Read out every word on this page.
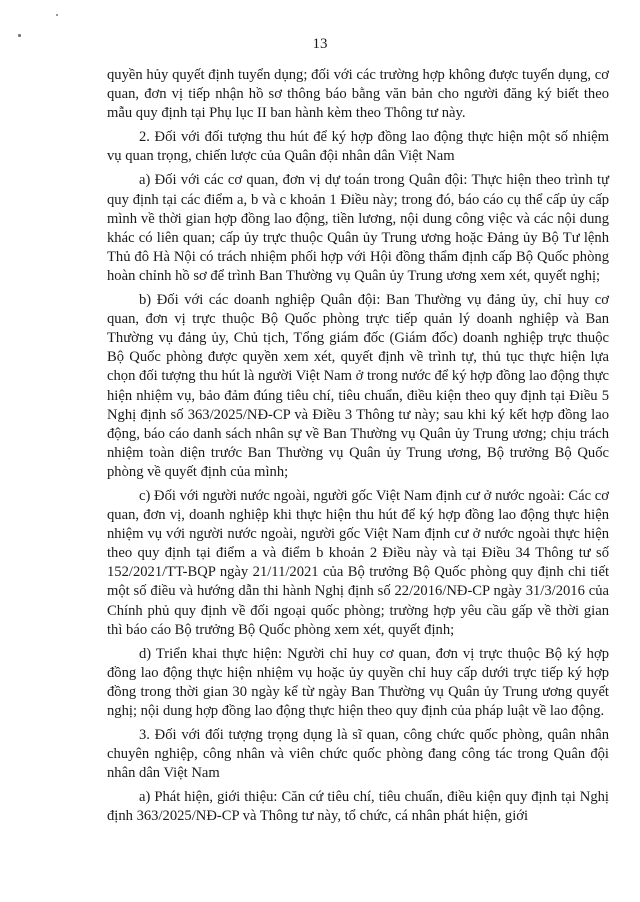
13

quyền hủy quyết định tuyển dụng; đối với các trường hợp không được tuyển dụng, cơ quan, đơn vị tiếp nhận hồ sơ thông báo bằng văn bản cho người đăng ký biết theo mẫu quy định tại Phụ lục II ban hành kèm theo Thông tư này.

2. Đối với đối tượng thu hút để ký hợp đồng lao động thực hiện một số nhiệm vụ quan trọng, chiến lược của Quân đội nhân dân Việt Nam

a) Đối với các cơ quan, đơn vị dự toán trong Quân đội: Thực hiện theo trình tự quy định tại các điểm a, b và c khoản 1 Điều này; trong đó, báo cáo cụ thể cấp ủy cấp mình về thời gian hợp đồng lao động, tiền lương, nội dung công việc và các nội dung khác có liên quan; cấp ủy trực thuộc Quân ủy Trung ương hoặc Đảng ủy Bộ Tư lệnh Thủ đô Hà Nội có trách nhiệm phối hợp với Hội đồng thẩm định cấp Bộ Quốc phòng hoàn chỉnh hồ sơ để trình Ban Thường vụ Quân ủy Trung ương xem xét, quyết nghị;

b) Đối với các doanh nghiệp Quân đội: Ban Thường vụ đảng ủy, chỉ huy cơ quan, đơn vị trực thuộc Bộ Quốc phòng trực tiếp quản lý doanh nghiệp và Ban Thường vụ đảng ủy, Chủ tịch, Tổng giám đốc (Giám đốc) doanh nghiệp trực thuộc Bộ Quốc phòng được quyền xem xét, quyết định về trình tự, thủ tục thực hiện lựa chọn đối tượng thu hút là người Việt Nam ở trong nước để ký hợp đồng lao động thực hiện nhiệm vụ, bảo đảm đúng tiêu chí, tiêu chuẩn, điều kiện theo quy định tại Điều 5 Nghị định số 363/2025/NĐ-CP và Điều 3 Thông tư này; sau khi ký kết hợp đồng lao động, báo cáo danh sách nhân sự về Ban Thường vụ Quân ủy Trung ương; chịu trách nhiệm toàn diện trước Ban Thường vụ Quân ủy Trung ương, Bộ trưởng Bộ Quốc phòng về quyết định của mình;

c) Đối với người nước ngoài, người gốc Việt Nam định cư ở nước ngoài: Các cơ quan, đơn vị, doanh nghiệp khi thực hiện thu hút để ký hợp đồng lao động thực hiện nhiệm vụ với người nước ngoài, người gốc Việt Nam định cư ở nước ngoài thực hiện theo quy định tại điểm a và điểm b khoản 2 Điều này và tại Điều 34 Thông tư số 152/2021/TT-BQP ngày 21/11/2021 của Bộ trưởng Bộ Quốc phòng quy định chi tiết một số điều và hướng dẫn thi hành Nghị định số 22/2016/NĐ-CP ngày 31/3/2016 của Chính phủ quy định về đối ngoại quốc phòng; trường hợp yêu cầu gấp về thời gian thì báo cáo Bộ trưởng Bộ Quốc phòng xem xét, quyết định;

d) Triển khai thực hiện: Người chỉ huy cơ quan, đơn vị trực thuộc Bộ ký hợp đồng lao động thực hiện nhiệm vụ hoặc ủy quyền chỉ huy cấp dưới trực tiếp ký hợp đồng trong thời gian 30 ngày kể từ ngày Ban Thường vụ Quân ủy Trung ương quyết nghị; nội dung hợp đồng lao động thực hiện theo quy định của pháp luật về lao động.

3. Đối với đối tượng trọng dụng là sĩ quan, công chức quốc phòng, quân nhân chuyên nghiệp, công nhân và viên chức quốc phòng đang công tác trong Quân đội nhân dân Việt Nam

a) Phát hiện, giới thiệu: Căn cứ tiêu chí, tiêu chuẩn, điều kiện quy định tại Nghị định 363/2025/NĐ-CP và Thông tư này, tổ chức, cá nhân phát hiện, giới
